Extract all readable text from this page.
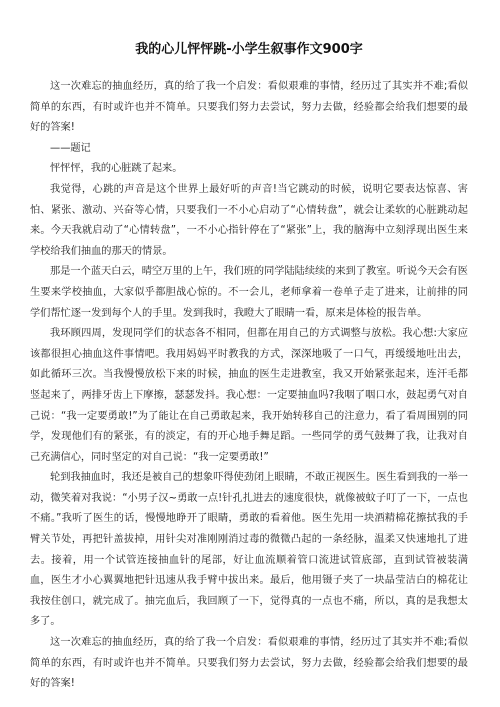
我的心儿怦怦跳-小学生叙事作文900字

这一次难忘的抽血经历，真的给了我一个启发：看似艰难的事情，经历过了其实并不难;看似简单的东西，有时或许也并不简单。只要我们努力去尝试，努力去做，经验都会给我们想要的最好的答案!

——题记

怦怦怦，我的心脏跳了起来。

我觉得，心跳的声音是这个世界上最好听的声音!当它跳动的时候，说明它要表达惊喜、害怕、紧张、激动、兴奋等心情，只要我们一不小心启动了“心情转盘”，就会让柔软的心脏跳动起来。今天我就启动了“心情转盘”，一不小心指针停在了“紧张”上，我的脑海中立刻浮现出医生来学校给我们抽血的那天的情景。

那是一个蓝天白云，晴空万里的上午，我们班的同学陆陆续续的来到了教室。听说今天会有医生要来学校抽血，大家似乎都胆战心惊的。不一会儿，老师拿着一卷单子走了进来，让前排的同学们帮忙逐一发到每个人的手里。发到我时，我瞪大了眼睛一看，原来是体检的报告单。

我环顾四周，发现同学们的状态各不相同，但都在用自己的方式调整与放松。我心想:大家应该都很担心抽血这件事情吧。我用妈妈平时教我的方式，深深地吸了一口气，再缓缓地吐出去，如此循环三次。当我慢慢放松下来的时候，抽血的医生走进教室，我又开始紧张起来，连汗毛都竖起来了，两排牙齿上下摩擦，瑟瑟发抖。我心想：一定要抽血吗?我咽了咽口水，鼓起勇气对自己说：“我一定要勇敢!”为了能让在自己勇敢起来，我开始转移自己的注意力，看了看周围别的同学，发现他们有的紧张，有的淡定，有的开心地手舞足蹈。一些同学的勇气鼓舞了我，让我对自己充满信心，同时坚定的对自己说：“我一定要勇敢!”

轮到我抽血时，我还是被自己的想象吓得使劲闭上眼睛，不敢正视医生。医生看到我的一举一动，微笑着对我说：“小男子汉~勇敢一点!针孔扎进去的速度很快，就像被蚊子叮了一下，一点也不痛。”我听了医生的话，慢慢地睁开了眼睛，勇敢的看着他。医生先用一块酒精棉花擦拭我的手臂关节处，再把针盖拔掉，用针尖对准刚刚消过毒的微微凸起的一条经脉，温柔又快速地扎了进去。接着，用一个试管连接抽血针的尾部，好让血流顺着管口流进试管底部，直到试管被装满血，医生才小心翼翼地把针迅速从我手臂中拔出来。最后，他用镊子夹了一块晶莹洁白的棉花让我按住创口，就完成了。抽完血后，我回顾了一下，觉得真的一点也不痛，所以，真的是我想太多了。

这一次难忘的抽血经历，真的给了我一个启发：看似艰难的事情，经历过了其实并不难;看似简单的东西，有时或许也并不简单。只要我们努力去尝试，努力去做，经验都会给我们想要的最好的答案!
